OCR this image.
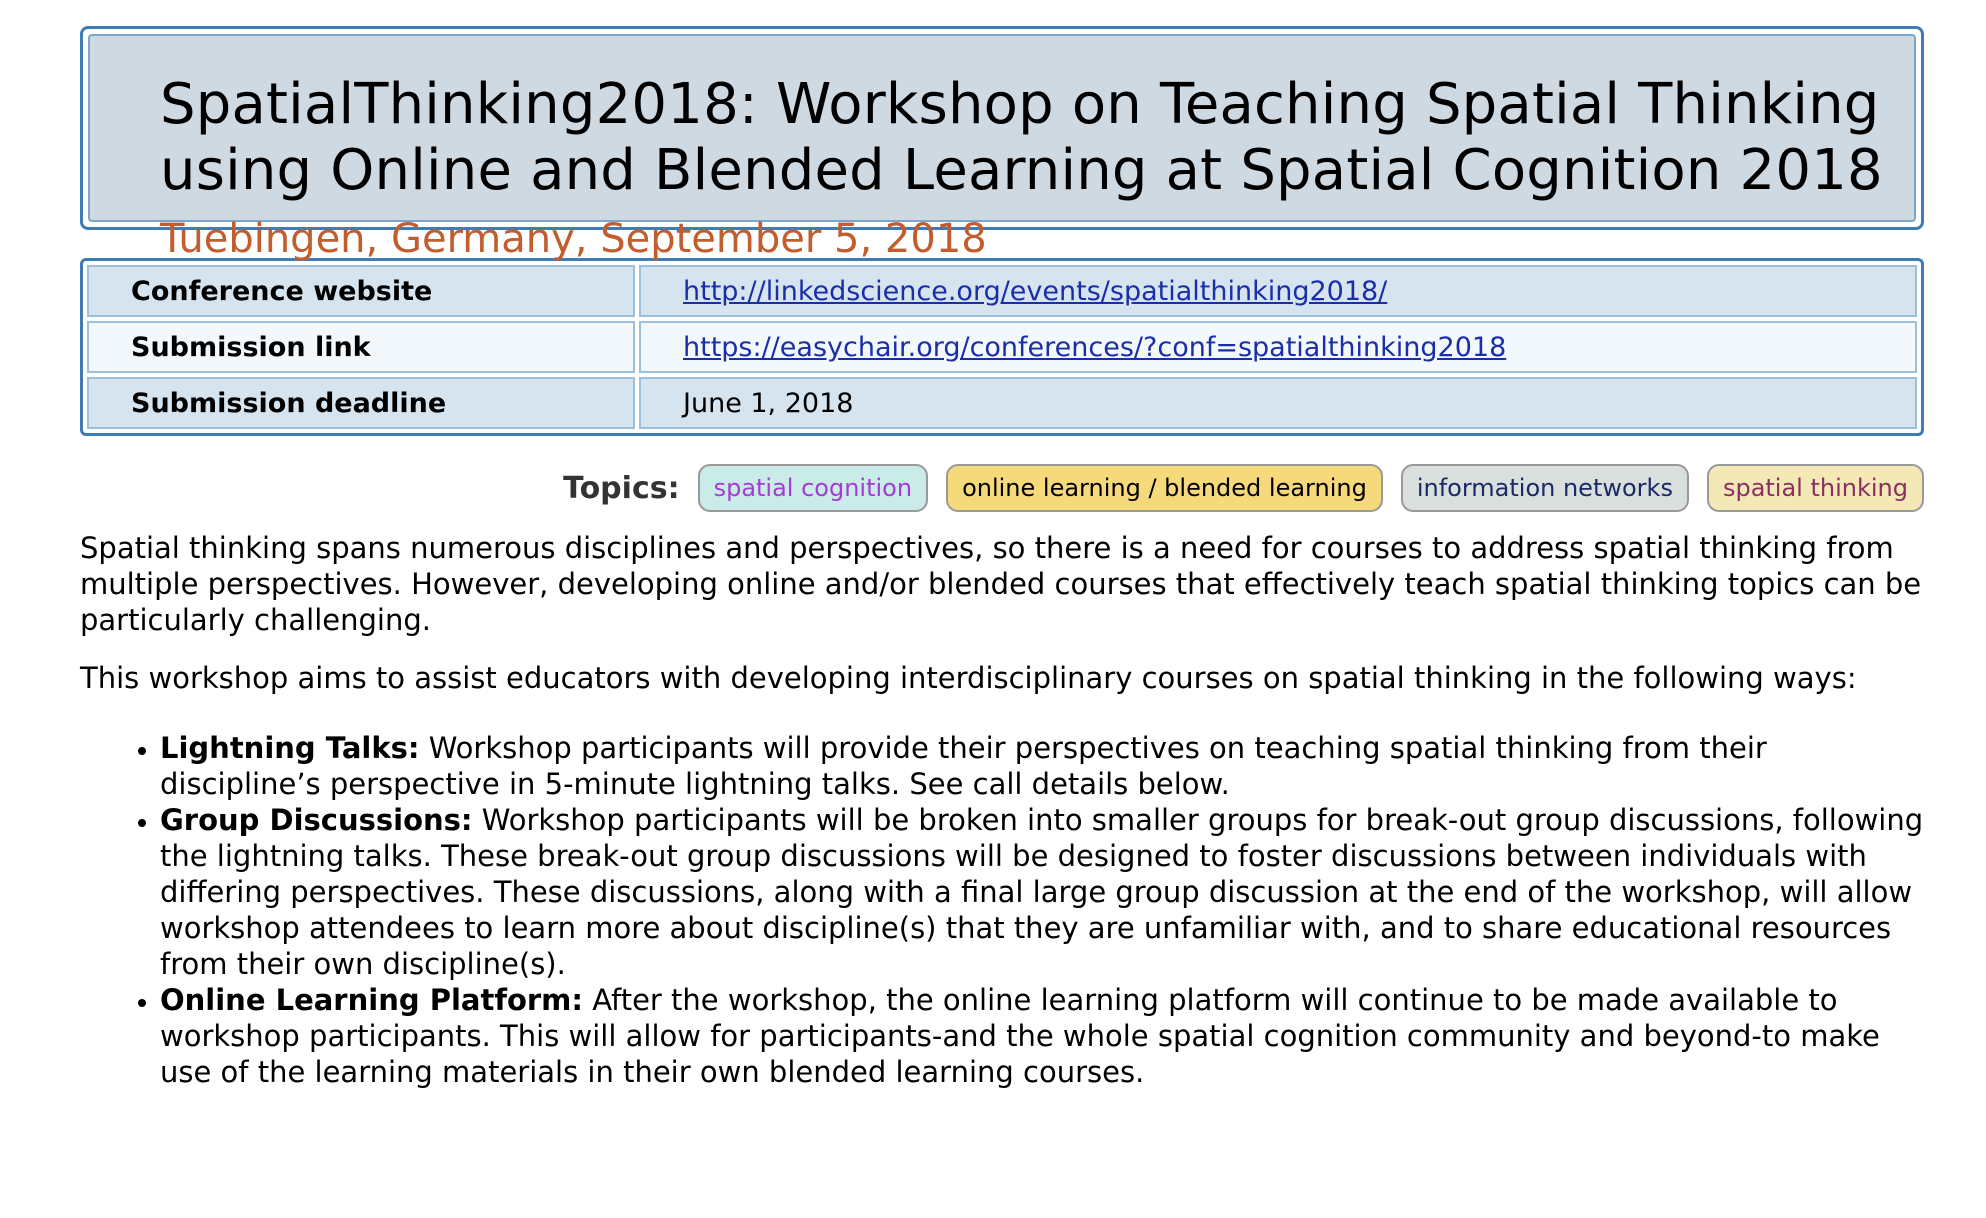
SpatialThinking2018: Workshop on Teaching Spatial Thinking using Online and Blended Learning at Spatial Cognition 2018
Tuebingen, Germany, September 5, 2018
Conference website	http://linkedscience.org/events/spatialthinking2018/
Submission link	https://easychair.org/conferences/?conf=spatialthinking2018
Submission deadline	June 1, 2018
Topics:	spatial cognition	online learning / blended learning	information networks	spatial thinking

Spatial thinking spans numerous disciplines and perspectives, so there is a need for courses to address spatial thinking from multiple perspectives. However, developing online and/or blended courses that effectively teach spatial thinking topics can be particularly challenging.

This workshop aims to assist educators with developing interdisciplinary courses on spatial thinking in the following ways:

• Lightning Talks: Workshop participants will provide their perspectives on teaching spatial thinking from their discipline’s perspective in 5-minute lightning talks. See call details below.
• Group Discussions: Workshop participants will be broken into smaller groups for break-out group discussions, following the lightning talks. These break-out group discussions will be designed to foster discussions between individuals with differing perspectives. These discussions, along with a final large group discussion at the end of the workshop, will allow workshop attendees to learn more about discipline(s) that they are unfamiliar with, and to share educational resources from their own discipline(s).
• Online Learning Platform: After the workshop, the online learning platform will continue to be made available to workshop participants. This will allow for participants-and the whole spatial cognition community and beyond-to make use of the learning materials in their own blended learning courses.
